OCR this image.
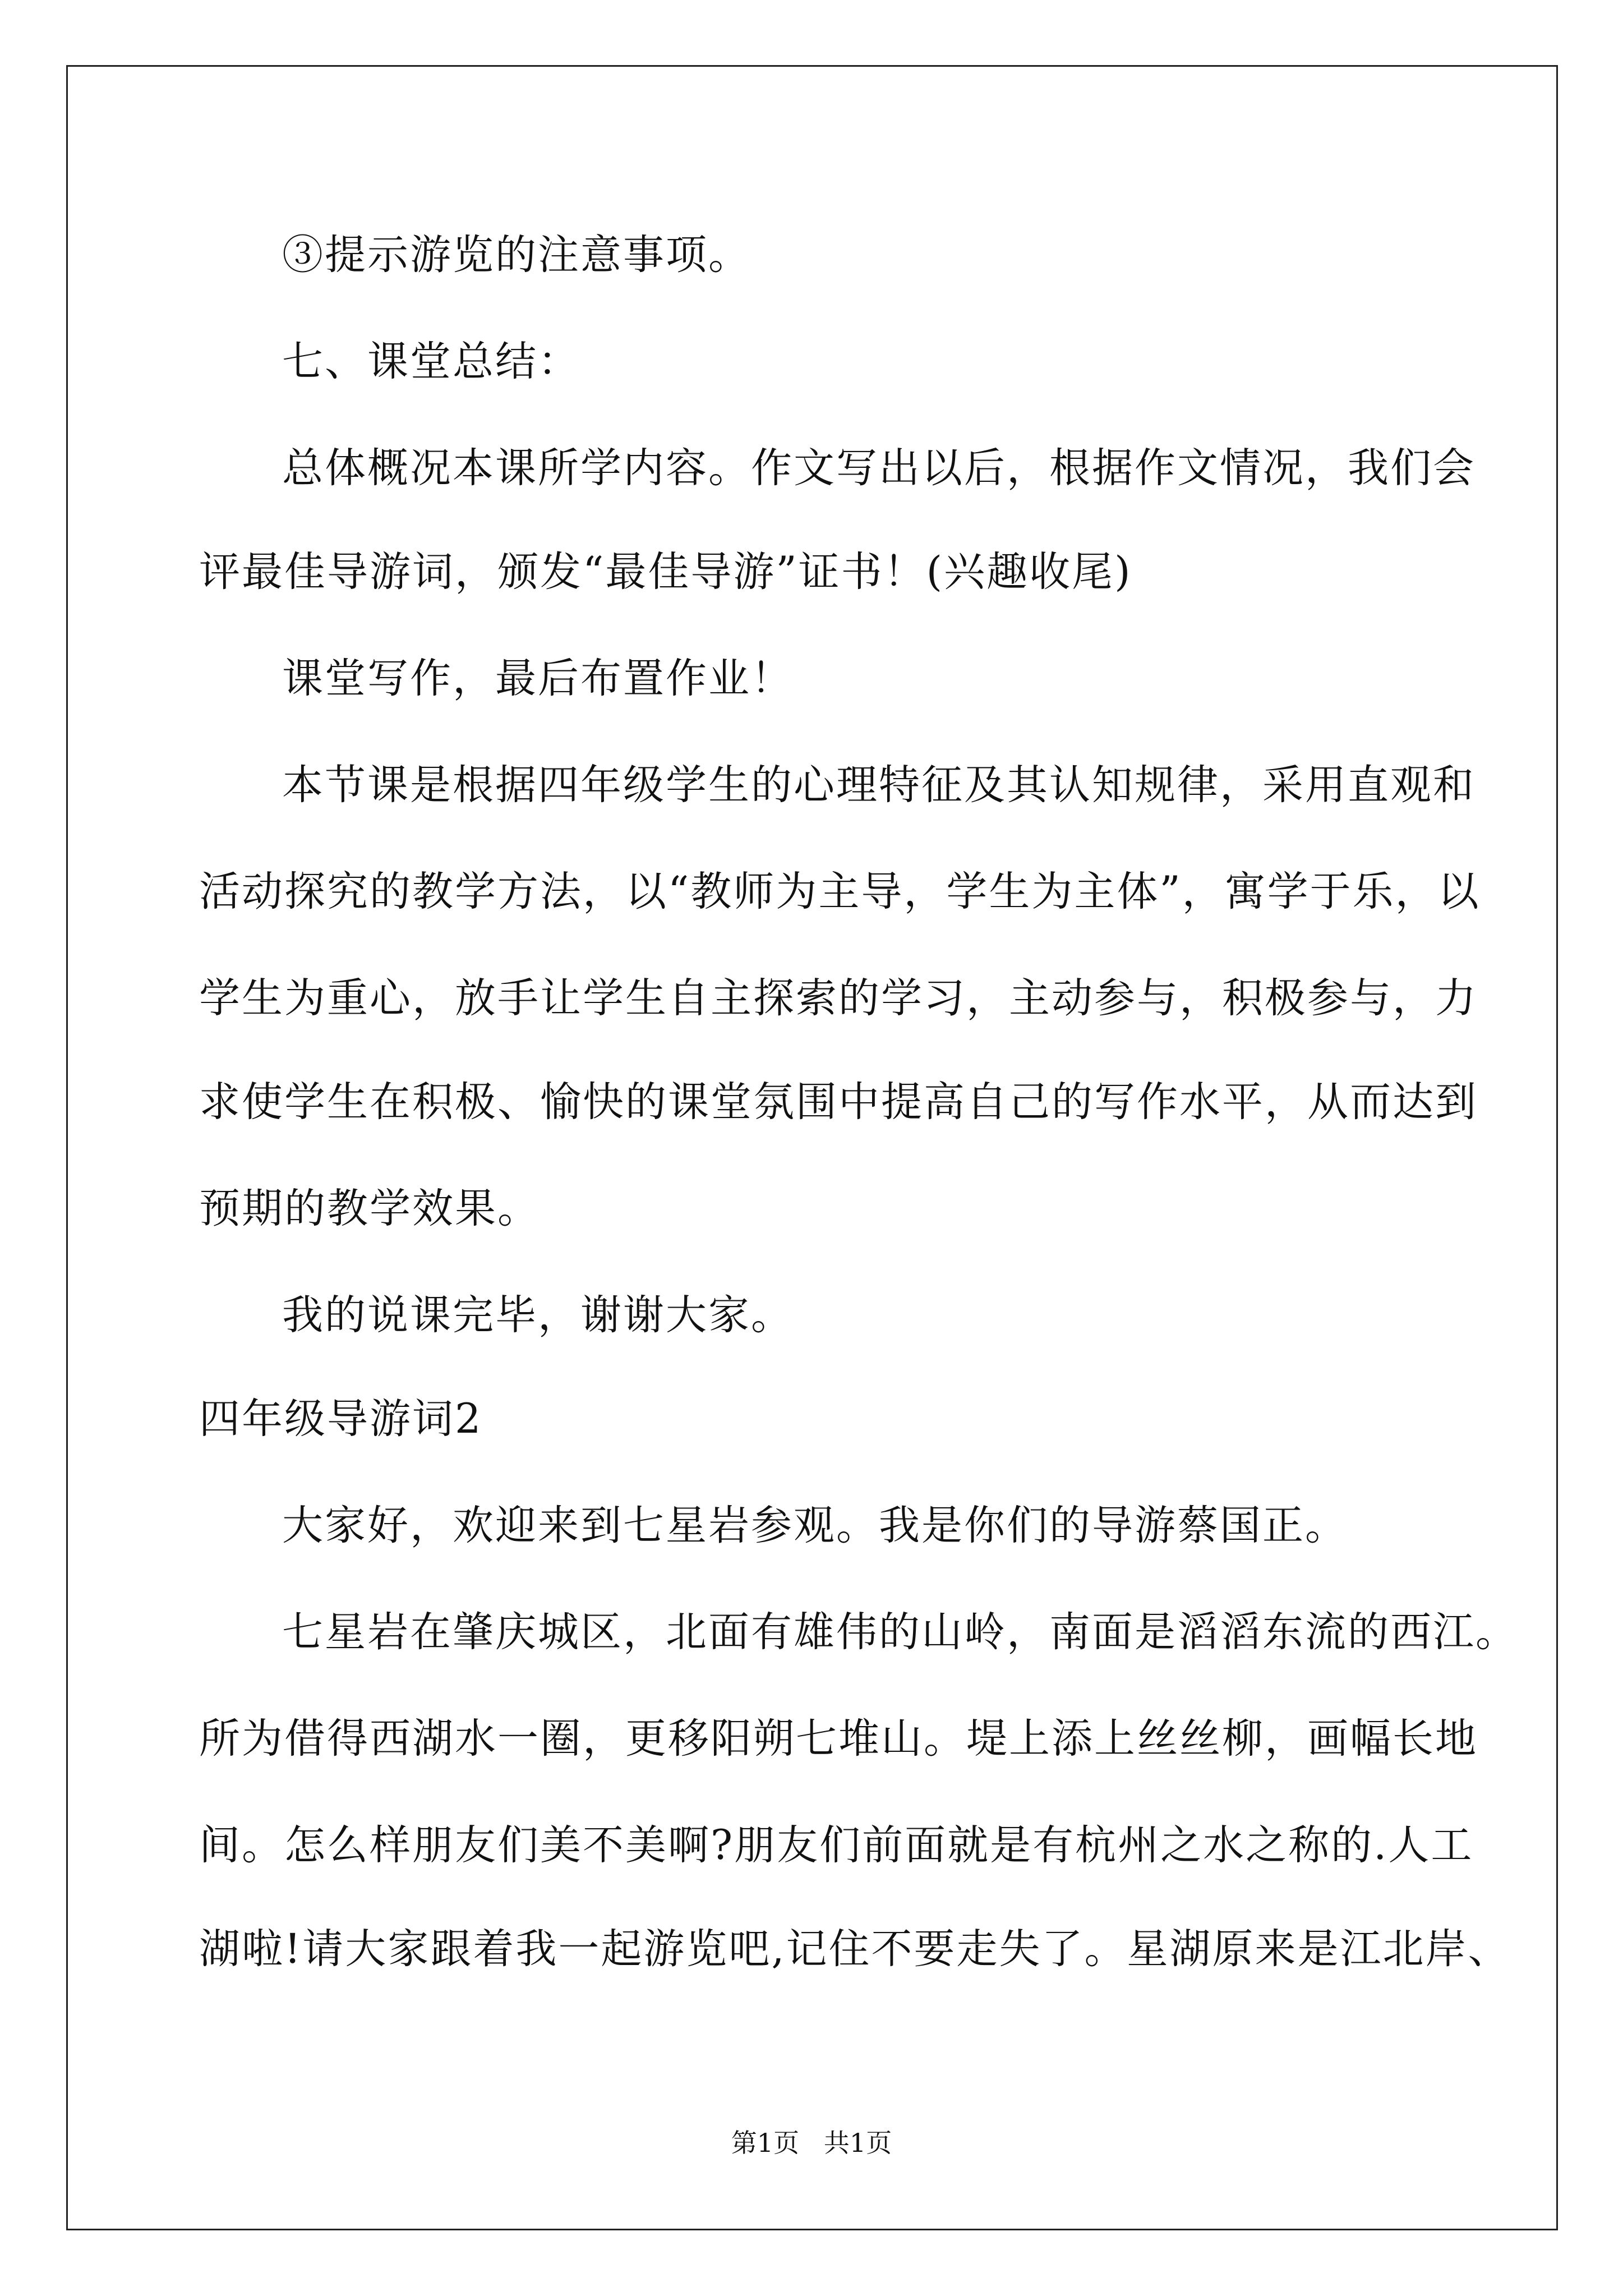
③提示游览的注意事项。
七、课堂总结：
总体概况本课所学内容。作文写出以后，根据作文情况，我们会
评最佳导游词，颁发“最佳导游”证书！(兴趣收尾)
课堂写作，最后布置作业！
本节课是根据四年级学生的心理特征及其认知规律，采用直观和
活动探究的教学方法，以“教师为主导，学生为主体”，寓学于乐，以
学生为重心，放手让学生自主探索的学习，主动参与，积极参与，力
求使学生在积极、愉快的课堂氛围中提高自己的写作水平，从而达到
预期的教学效果。
我的说课完毕，谢谢大家。
四年级导游词2
大家好，欢迎来到七星岩参观。我是你们的导游蔡国正。
七星岩在肇庆城区，北面有雄伟的山岭，南面是滔滔东流的西江。
所为借得西湖水一圈，更移阳朔七堆山。堤上添上丝丝柳，画幅长地
间。怎么样朋友们美不美啊?朋友们前面就是有杭州之水之称的.人工
湖啦!请大家跟着我一起游览吧,记住不要走失了。星湖原来是江北岸、
第1页   共1页
